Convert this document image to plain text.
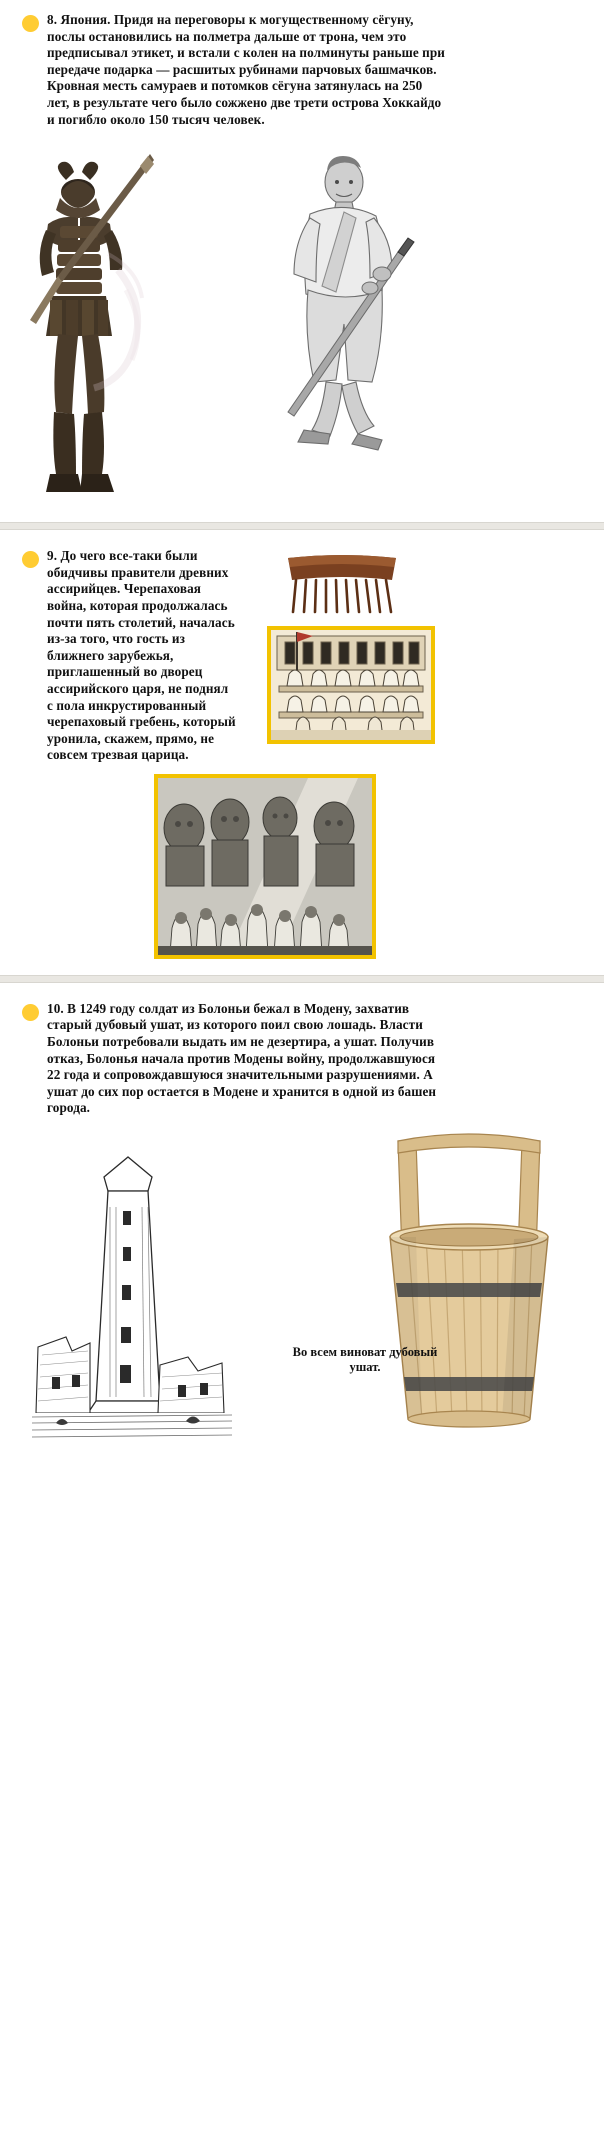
8. Япония. Придя на переговоры к могущественному сёгуну, послы остановились на полметра дальше от трона, чем это предписывал этикет, и встали с колен на полминуты раньше при передаче подарка — расшитых рубинами парчовых башмачков. Кровная месть самураев и потомков сёгуна затянулась на 250 лет, в результате чего было сожжено две трети острова Хоккайдо и погибло около 150 тысяч человек.
9. До чего все-таки были обидчивы правители древних ассирийцев. Черепаховая война, которая продолжалась почти пять столетий, началась из-за того, что гость из ближнего зарубежья, приглашенный во дворец ассирийского царя, не поднял с пола инкрустированный черепаховый гребень, который уронила, скажем, прямо, не совсем трезвая царица.
10. В 1249 году солдат из Болоньи бежал в Модену, захватив старый дубовый ушат, из которого поил свою лошадь. Власти Болоньи потребовали выдать им не дезертира, а ушат. Получив отказ, Болонья начала против Модены войну, продолжавшуюся 22 года и сопровождавшуюся значительными разрушениями. А ушат до сих пор остается в Модене и хранится в одной из башен города.
Во всем виноват дубовый ушат.
